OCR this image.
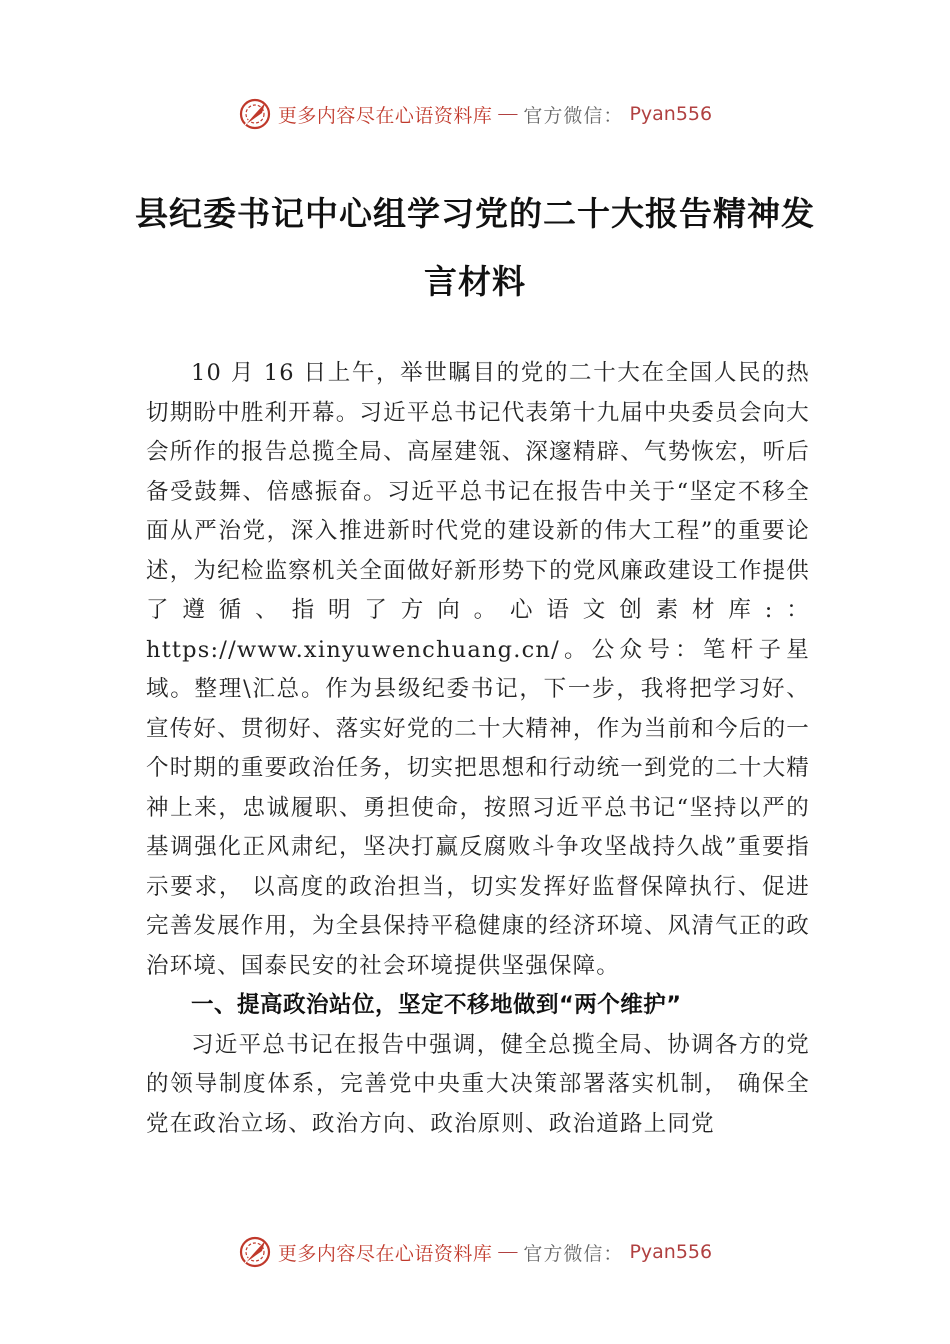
更多内容尽在心语资料库 — 官方微信： Pyan556
县纪委书记中心组学习党的二十大报告精神发言材料

10 月 16 日上午，举世瞩目的党的二十大在全国人民的热切期盼中胜利开幕。习近平总书记代表第十九届中央委员会向大会所作的报告总揽全局、高屋建瓴、深邃精辟、气势恢宏，听后备受鼓舞、倍感振奋。习近平总书记在报告中关于“坚定不移全面从严治党，深入推进新时代党的建设新的伟大工程”的重要论述，为纪检监察机关全面做好新形势下的党风廉政建设工作提供了遵循、指明了方向。心语文创素材库:：https://www.xinyuwenchuang.cn/。公众号：笔杆子星域。整理\汇总。作为县级纪委书记，下一步，我将把学习好、宣传好、贯彻好、落实好党的二十大精神，作为当前和今后的一个时期的重要政治任务，切实把思想和行动统一到党的二十大精神上来，忠诚履职、勇担使命，按照习近平总书记“坚持以严的基调强化正风肃纪，坚决打赢反腐败斗争攻坚战持久战”重要指示要求， 以高度的政治担当，切实发挥好监督保障执行、促进完善发展作用，为全县保持平稳健康的经济环境、风清气正的政治环境、国泰民安的社会环境提供坚强保障。

一、提高政治站位，坚定不移地做到“两个维护”

习近平总书记在报告中强调，健全总揽全局、协调各方的党的领导制度体系，完善党中央重大决策部署落实机制， 确保全党在政治立场、政治方向、政治原则、政治道路上同党

更多内容尽在心语资料库 — 官方微信： Pyan556
